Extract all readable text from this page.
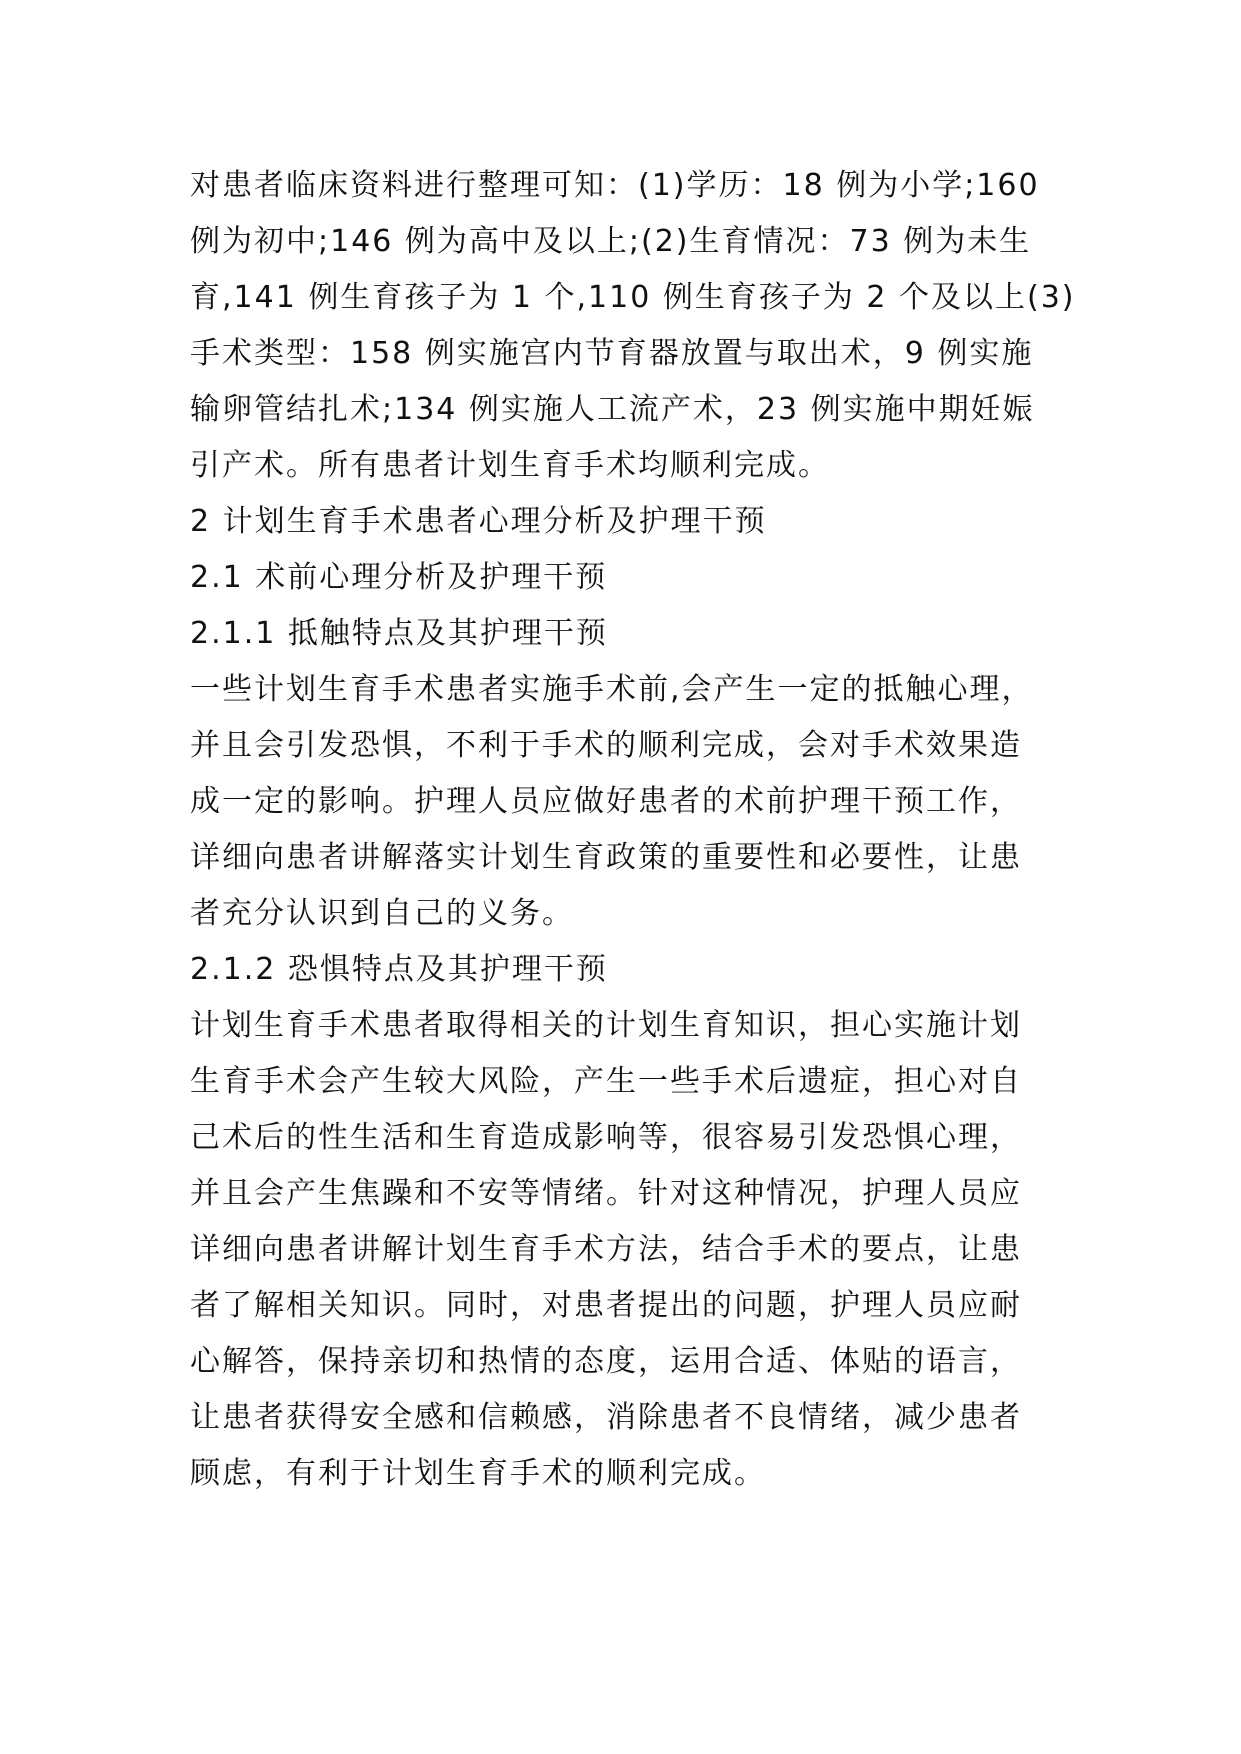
对患者临床资料进行整理可知：(1)学历：18 例为小学;160
例为初中;146 例为高中及以上;(2)生育情况：73 例为未生
育,141 例生育孩子为 1 个,110 例生育孩子为 2 个及以上(3)
手术类型：158 例实施宫内节育器放置与取出术，9 例实施
输卵管结扎术;134 例实施人工流产术，23 例实施中期妊娠
引产术。所有患者计划生育手术均顺利完成。

2 计划生育手术患者心理分析及护理干预
2.1 术前心理分析及护理干预
2.1.1 抵触特点及其护理干预

一些计划生育手术患者实施手术前,会产生一定的抵触心理，
并且会引发恐惧，不利于手术的顺利完成，会对手术效果造
成一定的影响。护理人员应做好患者的术前护理干预工作，
详细向患者讲解落实计划生育政策的重要性和必要性，让患
者充分认识到自己的义务。

2.1.2 恐惧特点及其护理干预

计划生育手术患者取得相关的计划生育知识，担心实施计划
生育手术会产生较大风险，产生一些手术后遗症，担心对自
己术后的性生活和生育造成影响等，很容易引发恐惧心理，
并且会产生焦躁和不安等情绪。针对这种情况，护理人员应
详细向患者讲解计划生育手术方法，结合手术的要点，让患
者了解相关知识。同时，对患者提出的问题，护理人员应耐
心解答，保持亲切和热情的态度，运用合适、体贴的语言，
让患者获得安全感和信赖感，消除患者不良情绪，减少患者
顾虑，有利于计划生育手术的顺利完成。
